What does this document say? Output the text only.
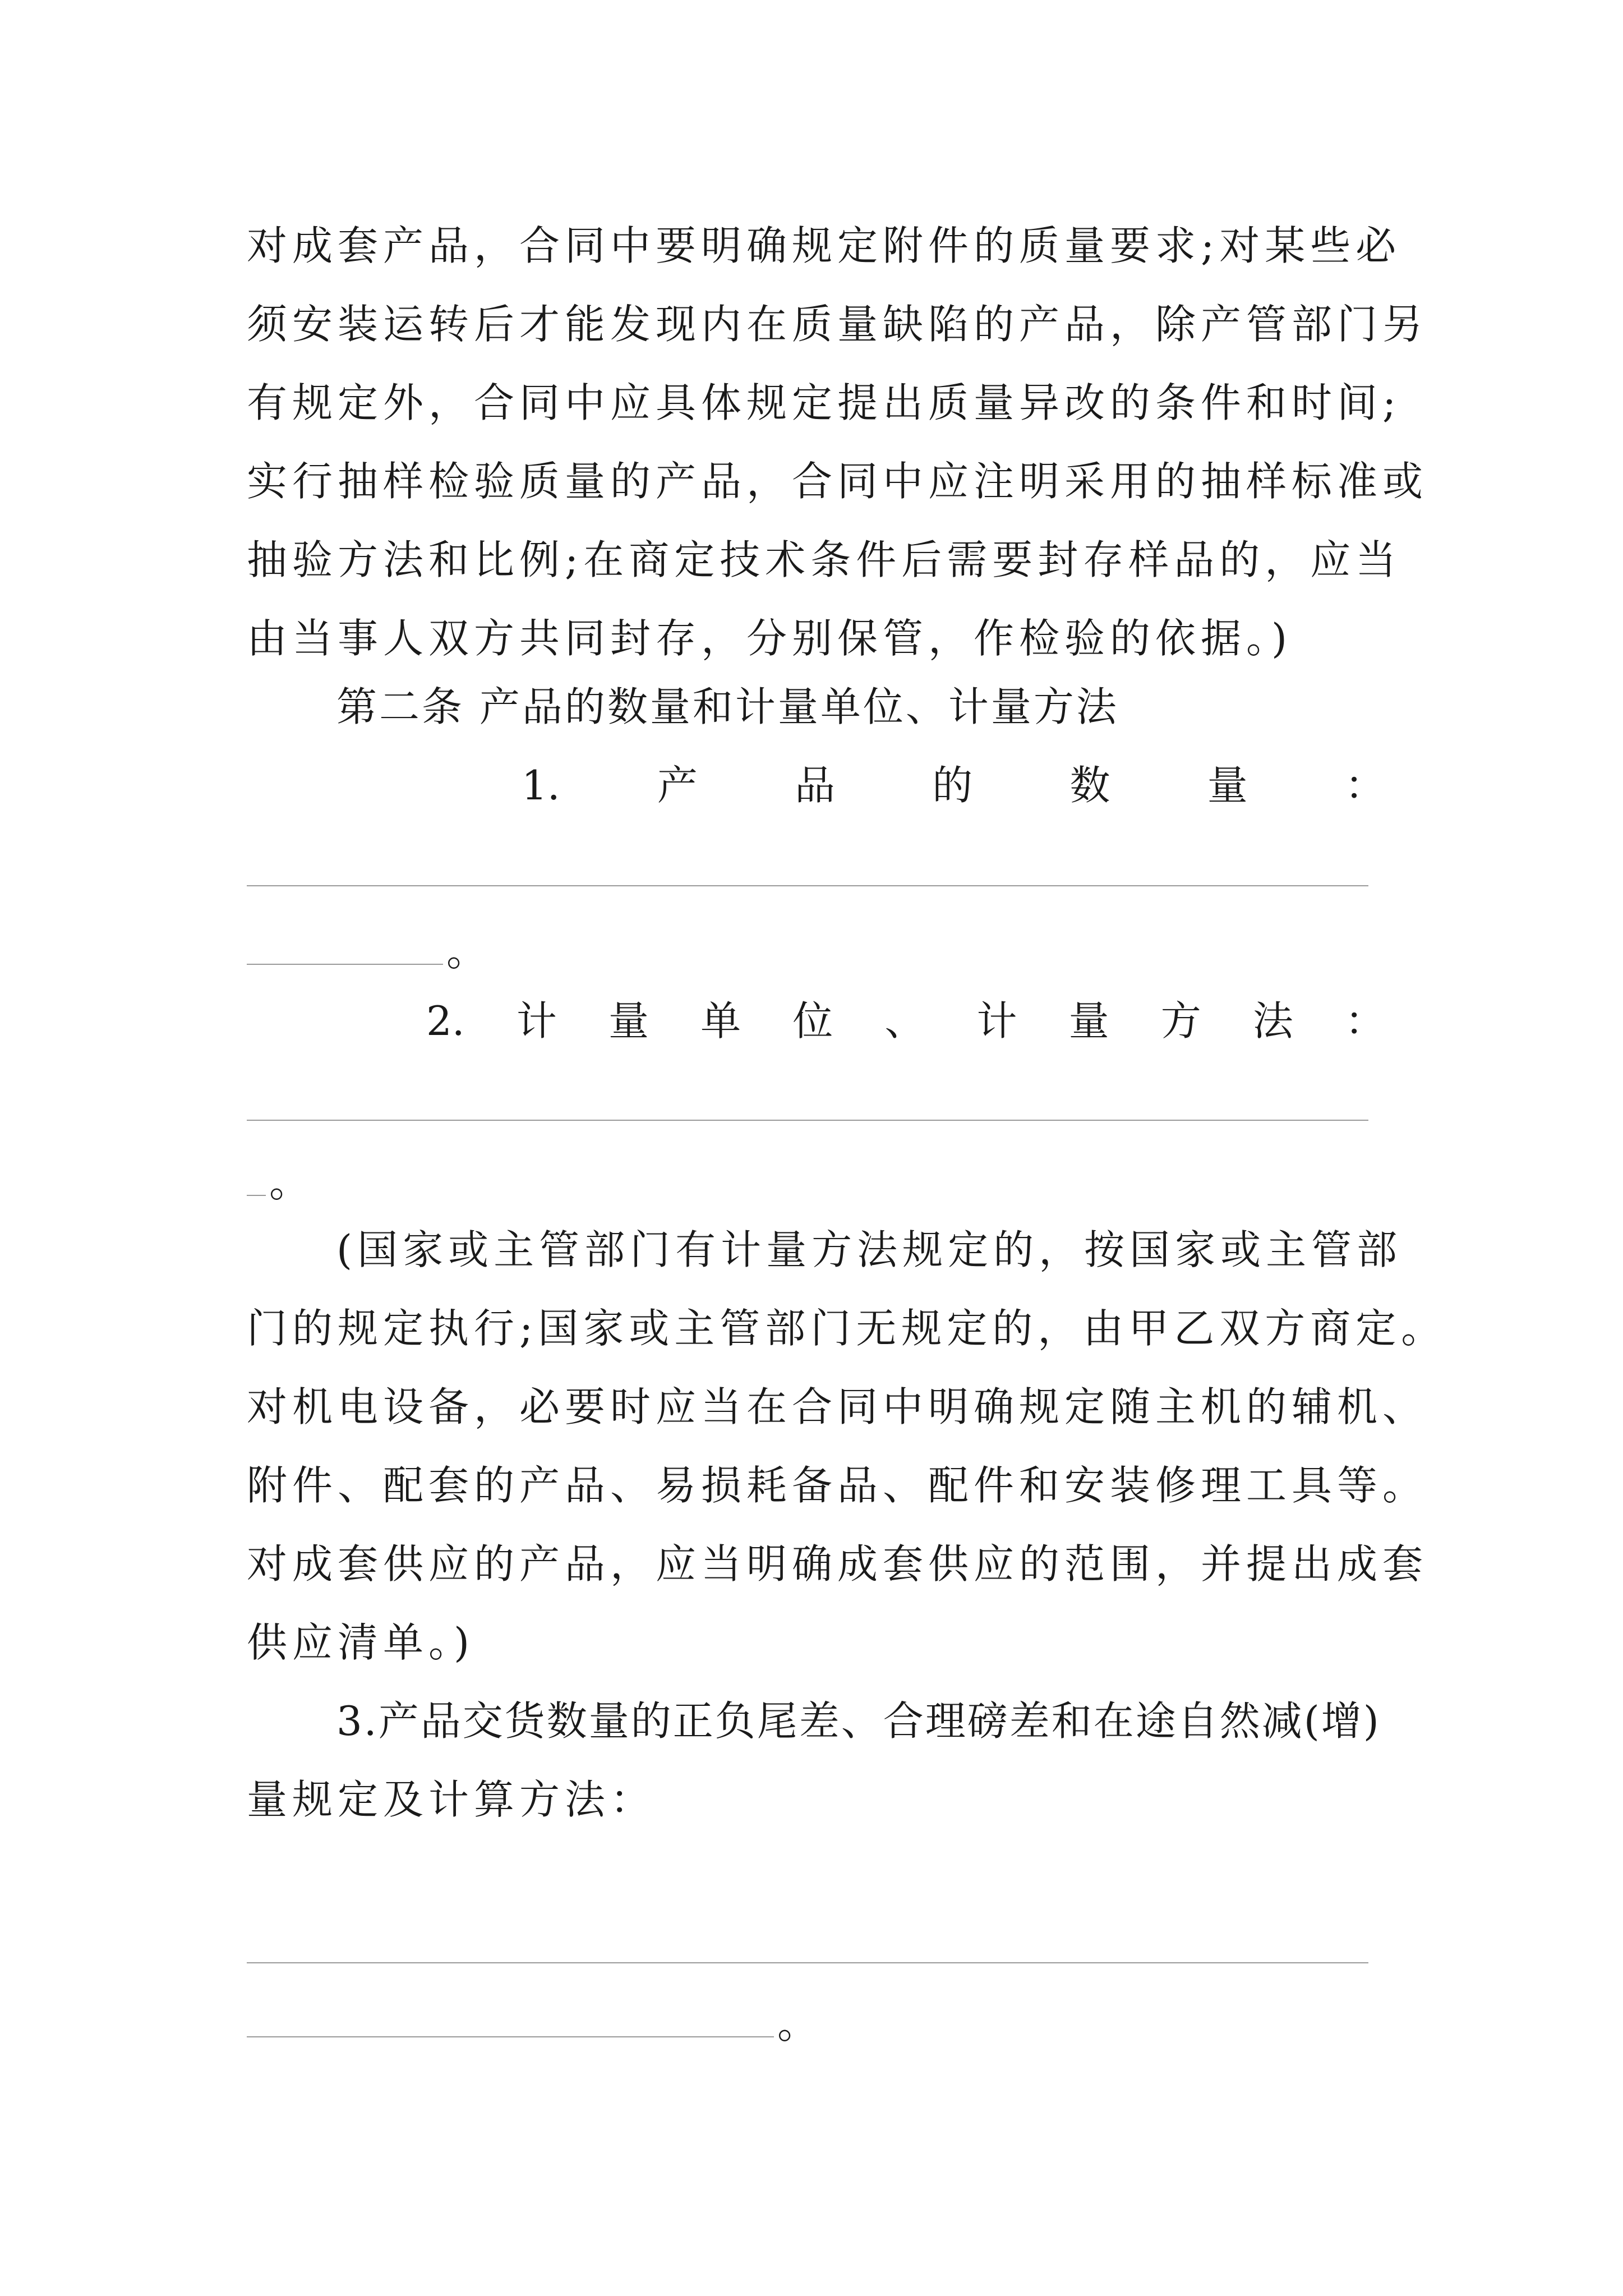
对成套产品，合同中要明确规定附件的质量要求;对某些必
须安装运转后才能发现内在质量缺陷的产品，除产管部门另
有规定外，合同中应具体规定提出质量异改的条件和时间;
实行抽样检验质量的产品，合同中应注明采用的抽样标准或
抽验方法和比例;在商定技术条件后需要封存样品的，应当
由当事人双方共同封存，分别保管，作检验的依据。)
第二条 产品的数量和计量单位、计量方法
1. 产 品 的 数 量 ：
。
2. 计 量 单 位 、 计 量 方 法 ：
。
(国家或主管部门有计量方法规定的，按国家或主管部
门的规定执行;国家或主管部门无规定的，由甲乙双方商定。
对机电设备，必要时应当在合同中明确规定随主机的辅机、
附件、配套的产品、易损耗备品、配件和安装修理工具等。
对成套供应的产品，应当明确成套供应的范围，并提出成套
供应清单。)
3.产品交货数量的正负尾差、合理磅差和在途自然减(增)
量规定及计算方法：
。
